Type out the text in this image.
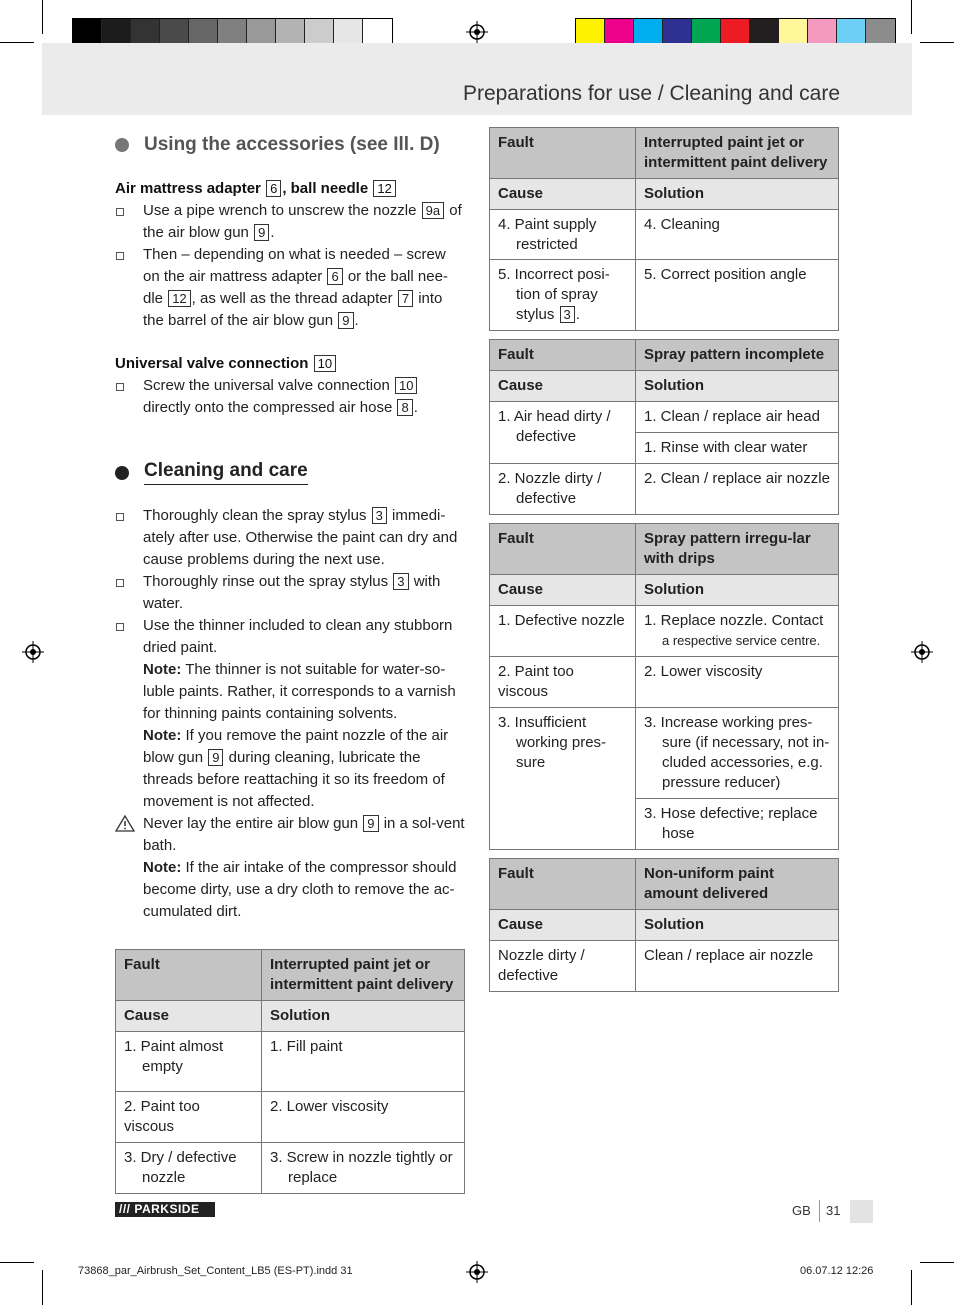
Preparations for use / Cleaning and care
Using the accessories (see Ill. D)
Air mattress adapter 6 , ball needle 12
Use a pipe wrench to unscrew the nozzle 9a of the air blow gun 9 .
Then – depending on what is needed – screw on the air mattress adapter 6 or the ball nee-dle 12 , as well as the thread adapter 7 into the barrel of the air blow gun 9 .
Universal valve connection 10
Screw the universal valve connection 10 directly onto the compressed air hose 8 .
Cleaning and care
Thoroughly clean the spray stylus 3 immedi-ately after use. Otherwise the paint can dry and cause problems during the next use.
Thoroughly rinse out the spray stylus 3 with water.
Use the thinner included to clean any stubborn dried paint.
Note: The thinner is not suitable for water-so-luble paints. Rather, it corresponds to a varnish for thinning paints containing solvents.
Note: If you remove the paint nozzle of the air blow gun 9 during cleaning, lubricate the threads before reattaching it so its freedom of movement is not affected.
Never lay the entire air blow gun 9 in a sol-vent bath.
Note: If the air intake of the compressor should become dirty, use a dry cloth to remove the ac-cumulated dirt.
Fault	Interrupted paint jet or intermittent paint delivery
Cause	Solution
1. Paint almost empty	1. Fill paint
2. Paint too viscous	2. Lower viscosity
3. Dry / defective nozzle	3. Screw in nozzle tightly or replace
Fault	Interrupted paint jet or intermittent paint delivery
Cause	Solution
4. Paint supply restricted	4. Cleaning
5. Incorrect posi-tion of spray stylus 3 .	5. Correct position angle
Fault	Spray pattern incomplete
Cause	Solution
1. Air head dirty / defective	1. Clean / replace air head
	1. Rinse with clear water
2. Nozzle dirty / defective	2. Clean / replace air nozzle
Fault	Spray pattern irregu-lar with drips
Cause	Solution
1. Defective nozzle	1. Replace nozzle. Contact
a respective service centre.
2. Paint too viscous	2. Lower viscosity
3. Insufficient working pres-sure	3. Increase working pres-sure (if necessary, not in-cluded accessories, e.g. pressure reducer)
	3. Hose defective; replace hose
Fault	Non-uniform paint amount delivered
Cause	Solution
Nozzle dirty / defective	Clean / replace air nozzle
/// PARKSIDE	GB 31
73868_par_Airbrush_Set_Content_LB5 (ES-PT).indd 31	06.07.12 12:26
